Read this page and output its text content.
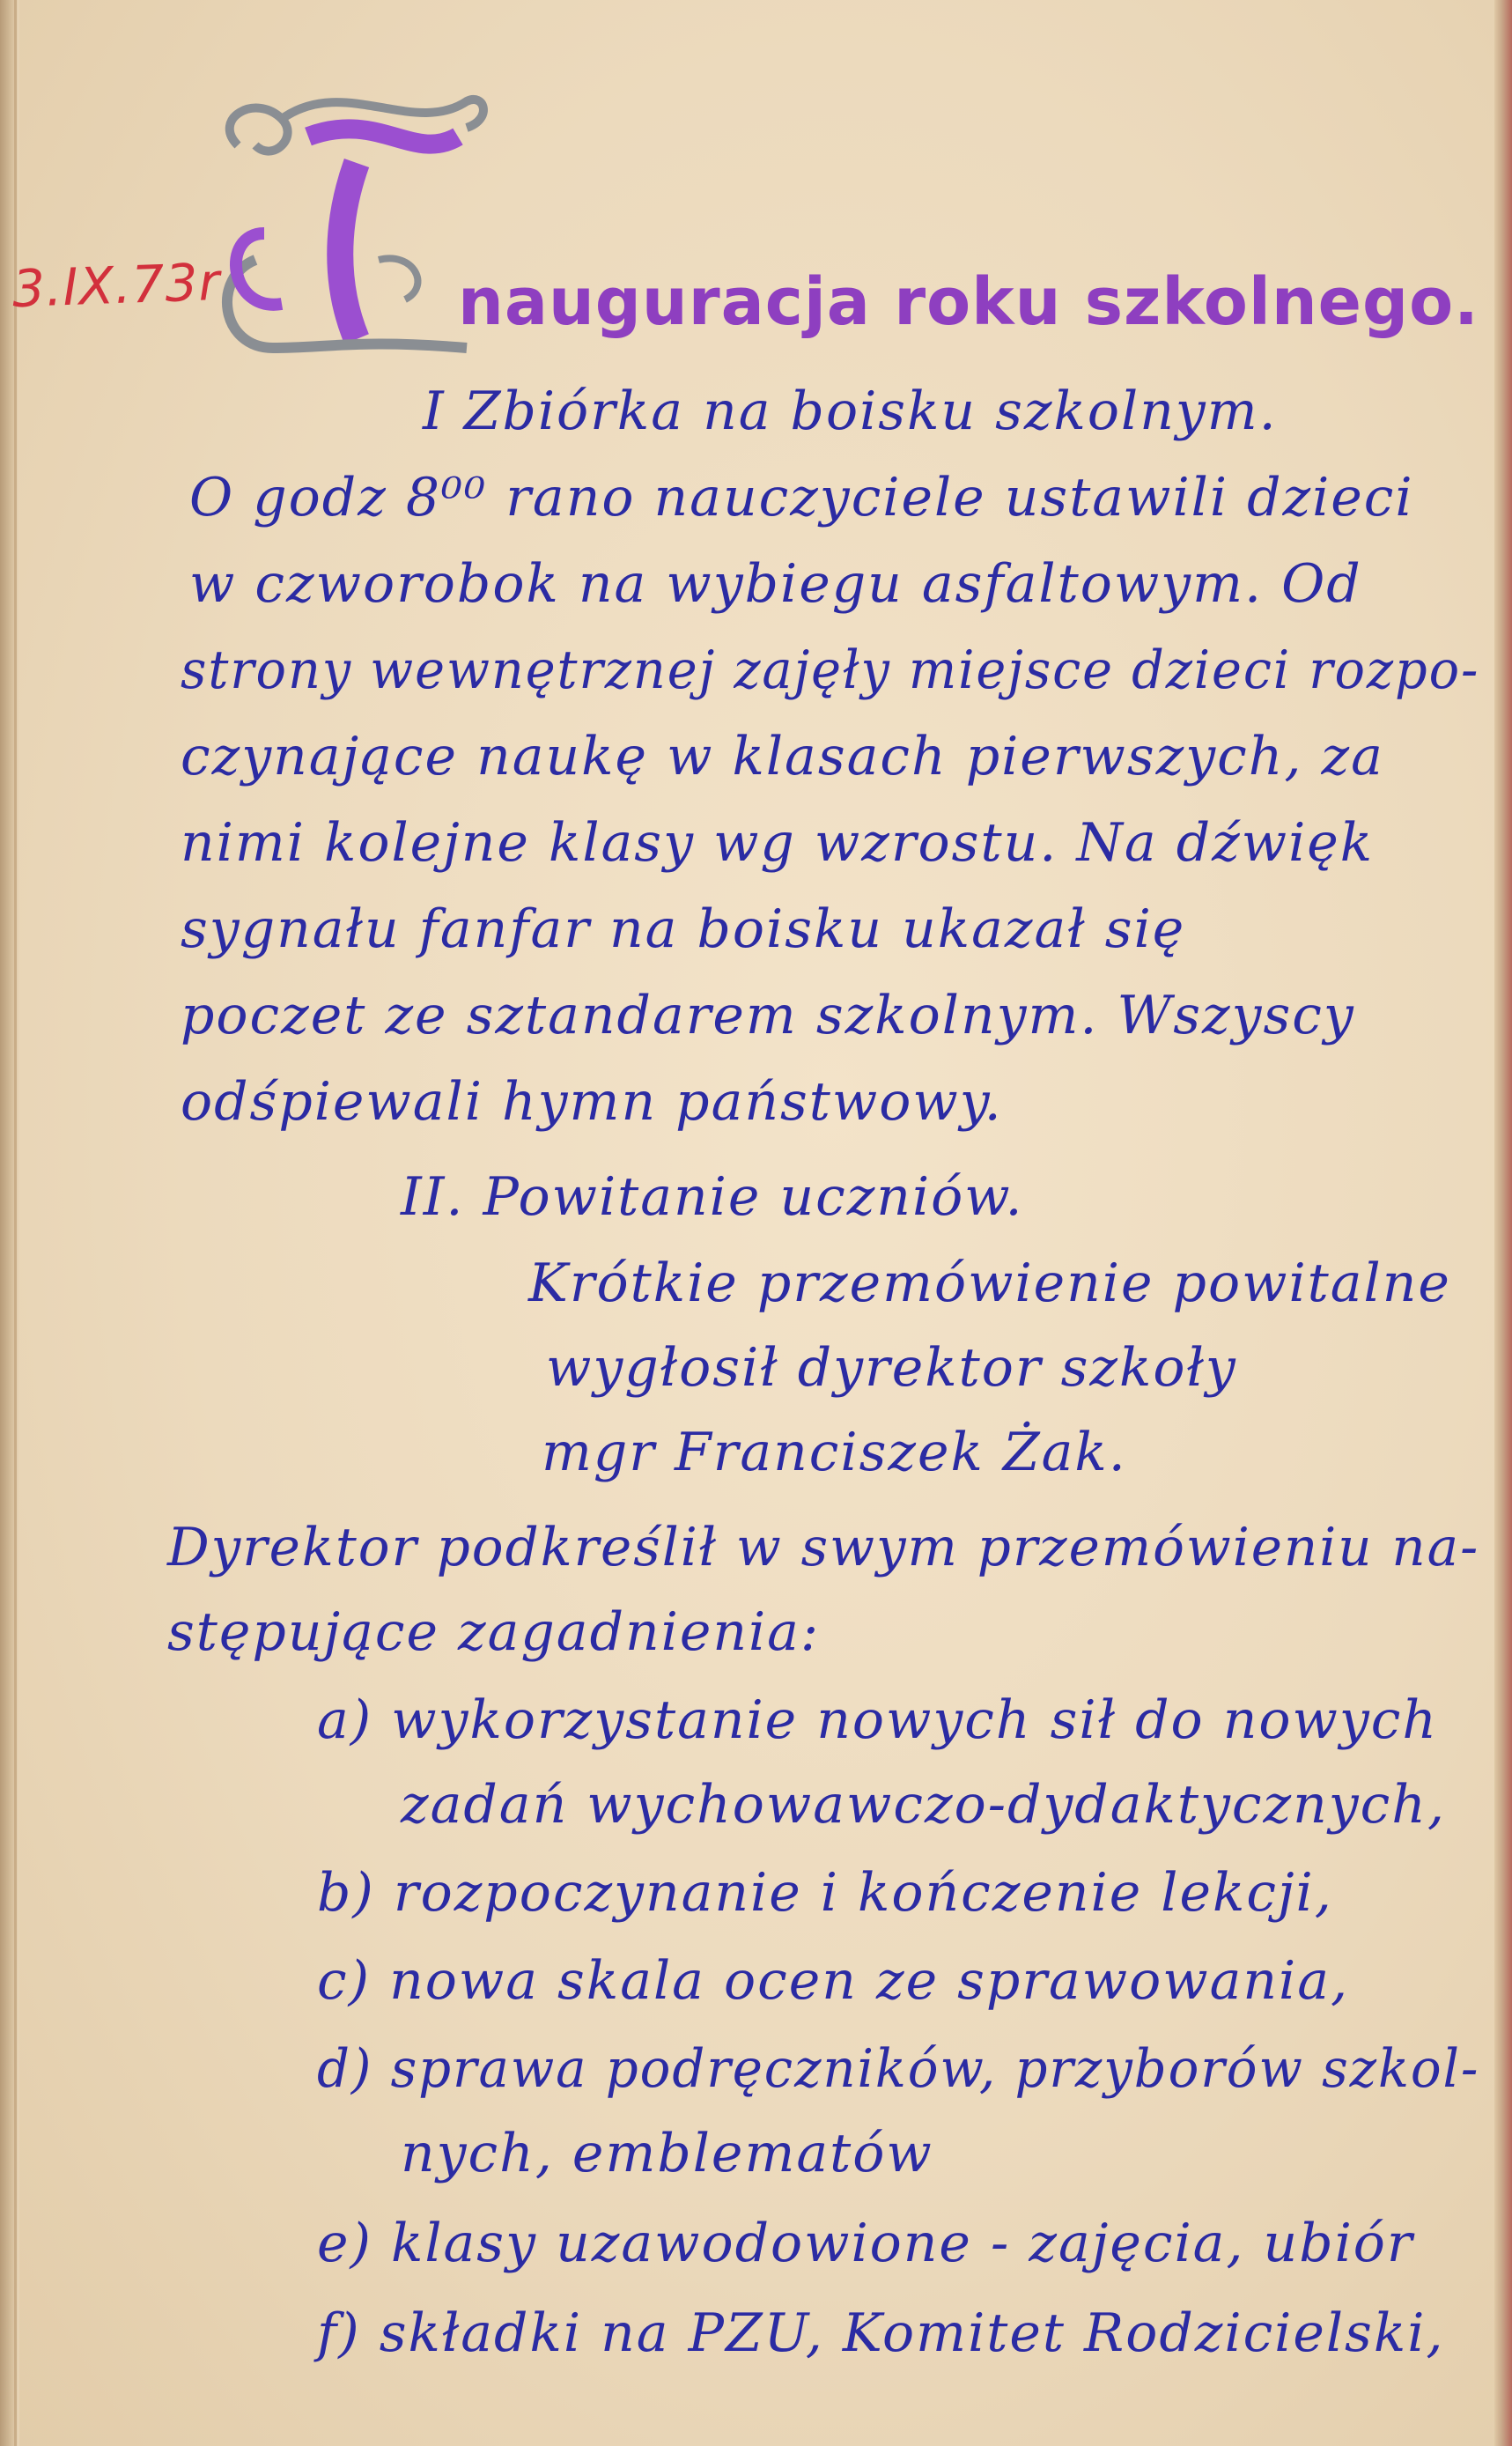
3.IX.73r	nauguracja roku szkolnego.
I Zbiórka na boisku szkolnym.
O godz 8⁰⁰ rano nauczyciele ustawili dzieci
w czworobok na wybiegu asfaltowym. Od
strony wewnętrznej zajęły miejsce dzieci rozpo-
czynające naukę w klasach pierwszych, za
nimi kolejne klasy wg wzrostu. Na dźwięk
sygnału fanfar na boisku ukazał się
poczet ze sztandarem szkolnym. Wszyscy
odśpiewali hymn państwowy.
II. Powitanie uczniów.
Krótkie przemówienie powitalne
wygłosił dyrektor szkoły
mgr Franciszek Żak.
Dyrektor podkreślił w swym przemówieniu na-
stępujące zagadnienia:
a) wykorzystanie nowych sił do nowych
zadań wychowawczo-dydaktycznych,
b) rozpoczynanie i kończenie lekcji,
c) nowa skala ocen ze sprawowania,
d) sprawa podręczników, przyborów szkol-
nych, emblematów
e) klasy uzawodowione - zajęcia, ubiór
f) składki na PZU, Komitet Rodzicielski,
